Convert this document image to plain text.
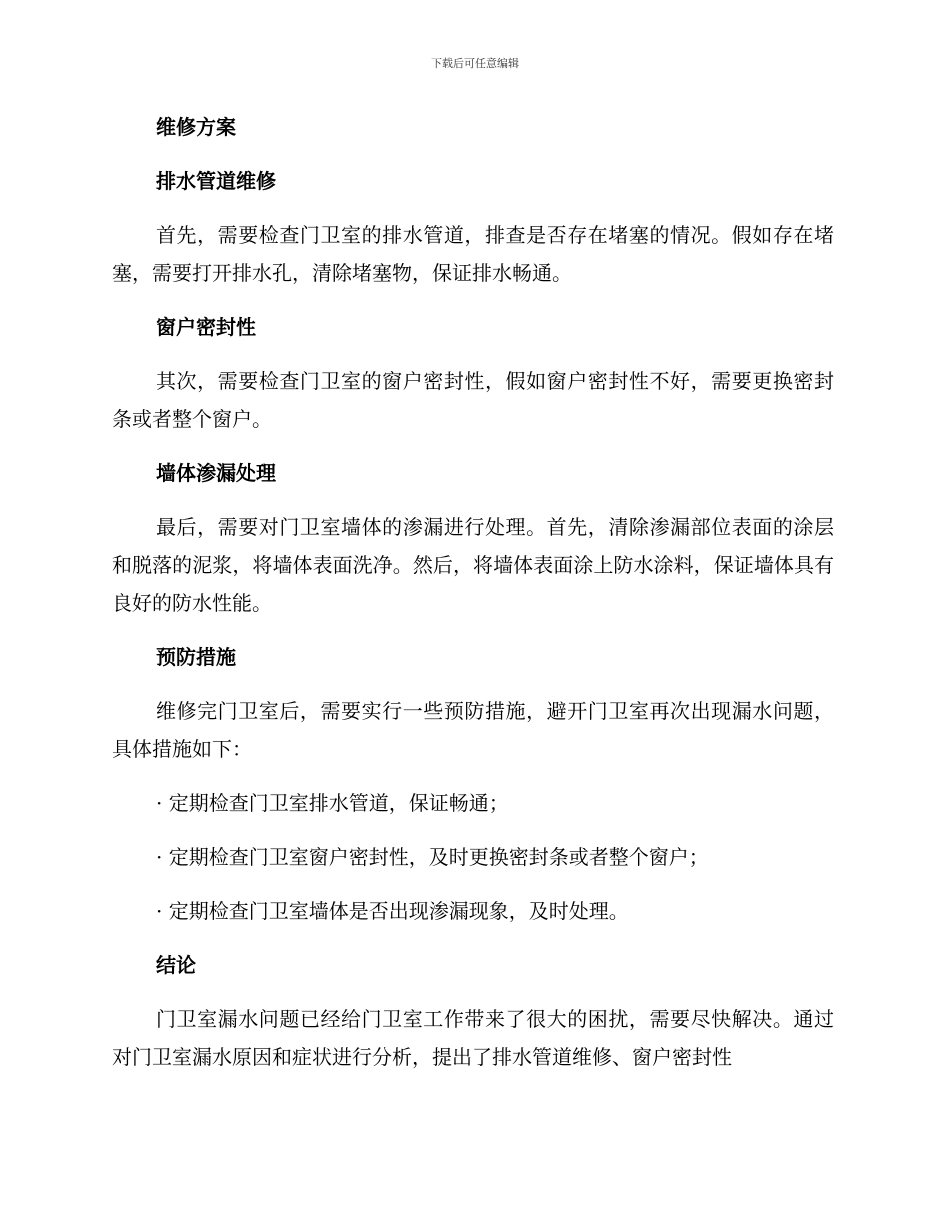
下载后可任意编辑
维修方案
排水管道维修
首先，需要检查门卫室的排水管道，排查是否存在堵塞的情况。假如存在堵塞，需要打开排水孔，清除堵塞物，保证排水畅通。
窗户密封性
其次，需要检查门卫室的窗户密封性，假如窗户密封性不好，需要更换密封条或者整个窗户。
墙体渗漏处理
最后，需要对门卫室墙体的渗漏进行处理。首先，清除渗漏部位表面的涂层和脱落的泥浆，将墙体表面洗净。然后，将墙体表面涂上防水涂料，保证墙体具有良好的防水性能。
预防措施
维修完门卫室后，需要实行一些预防措施，避开门卫室再次出现漏水问题，具体措施如下：
· 定期检查门卫室排水管道，保证畅通；
· 定期检查门卫室窗户密封性，及时更换密封条或者整个窗户；
· 定期检查门卫室墙体是否出现渗漏现象，及时处理。
结论
门卫室漏水问题已经给门卫室工作带来了很大的困扰，需要尽快解决。通过对门卫室漏水原因和症状进行分析，提出了排水管道维修、窗户密封性
